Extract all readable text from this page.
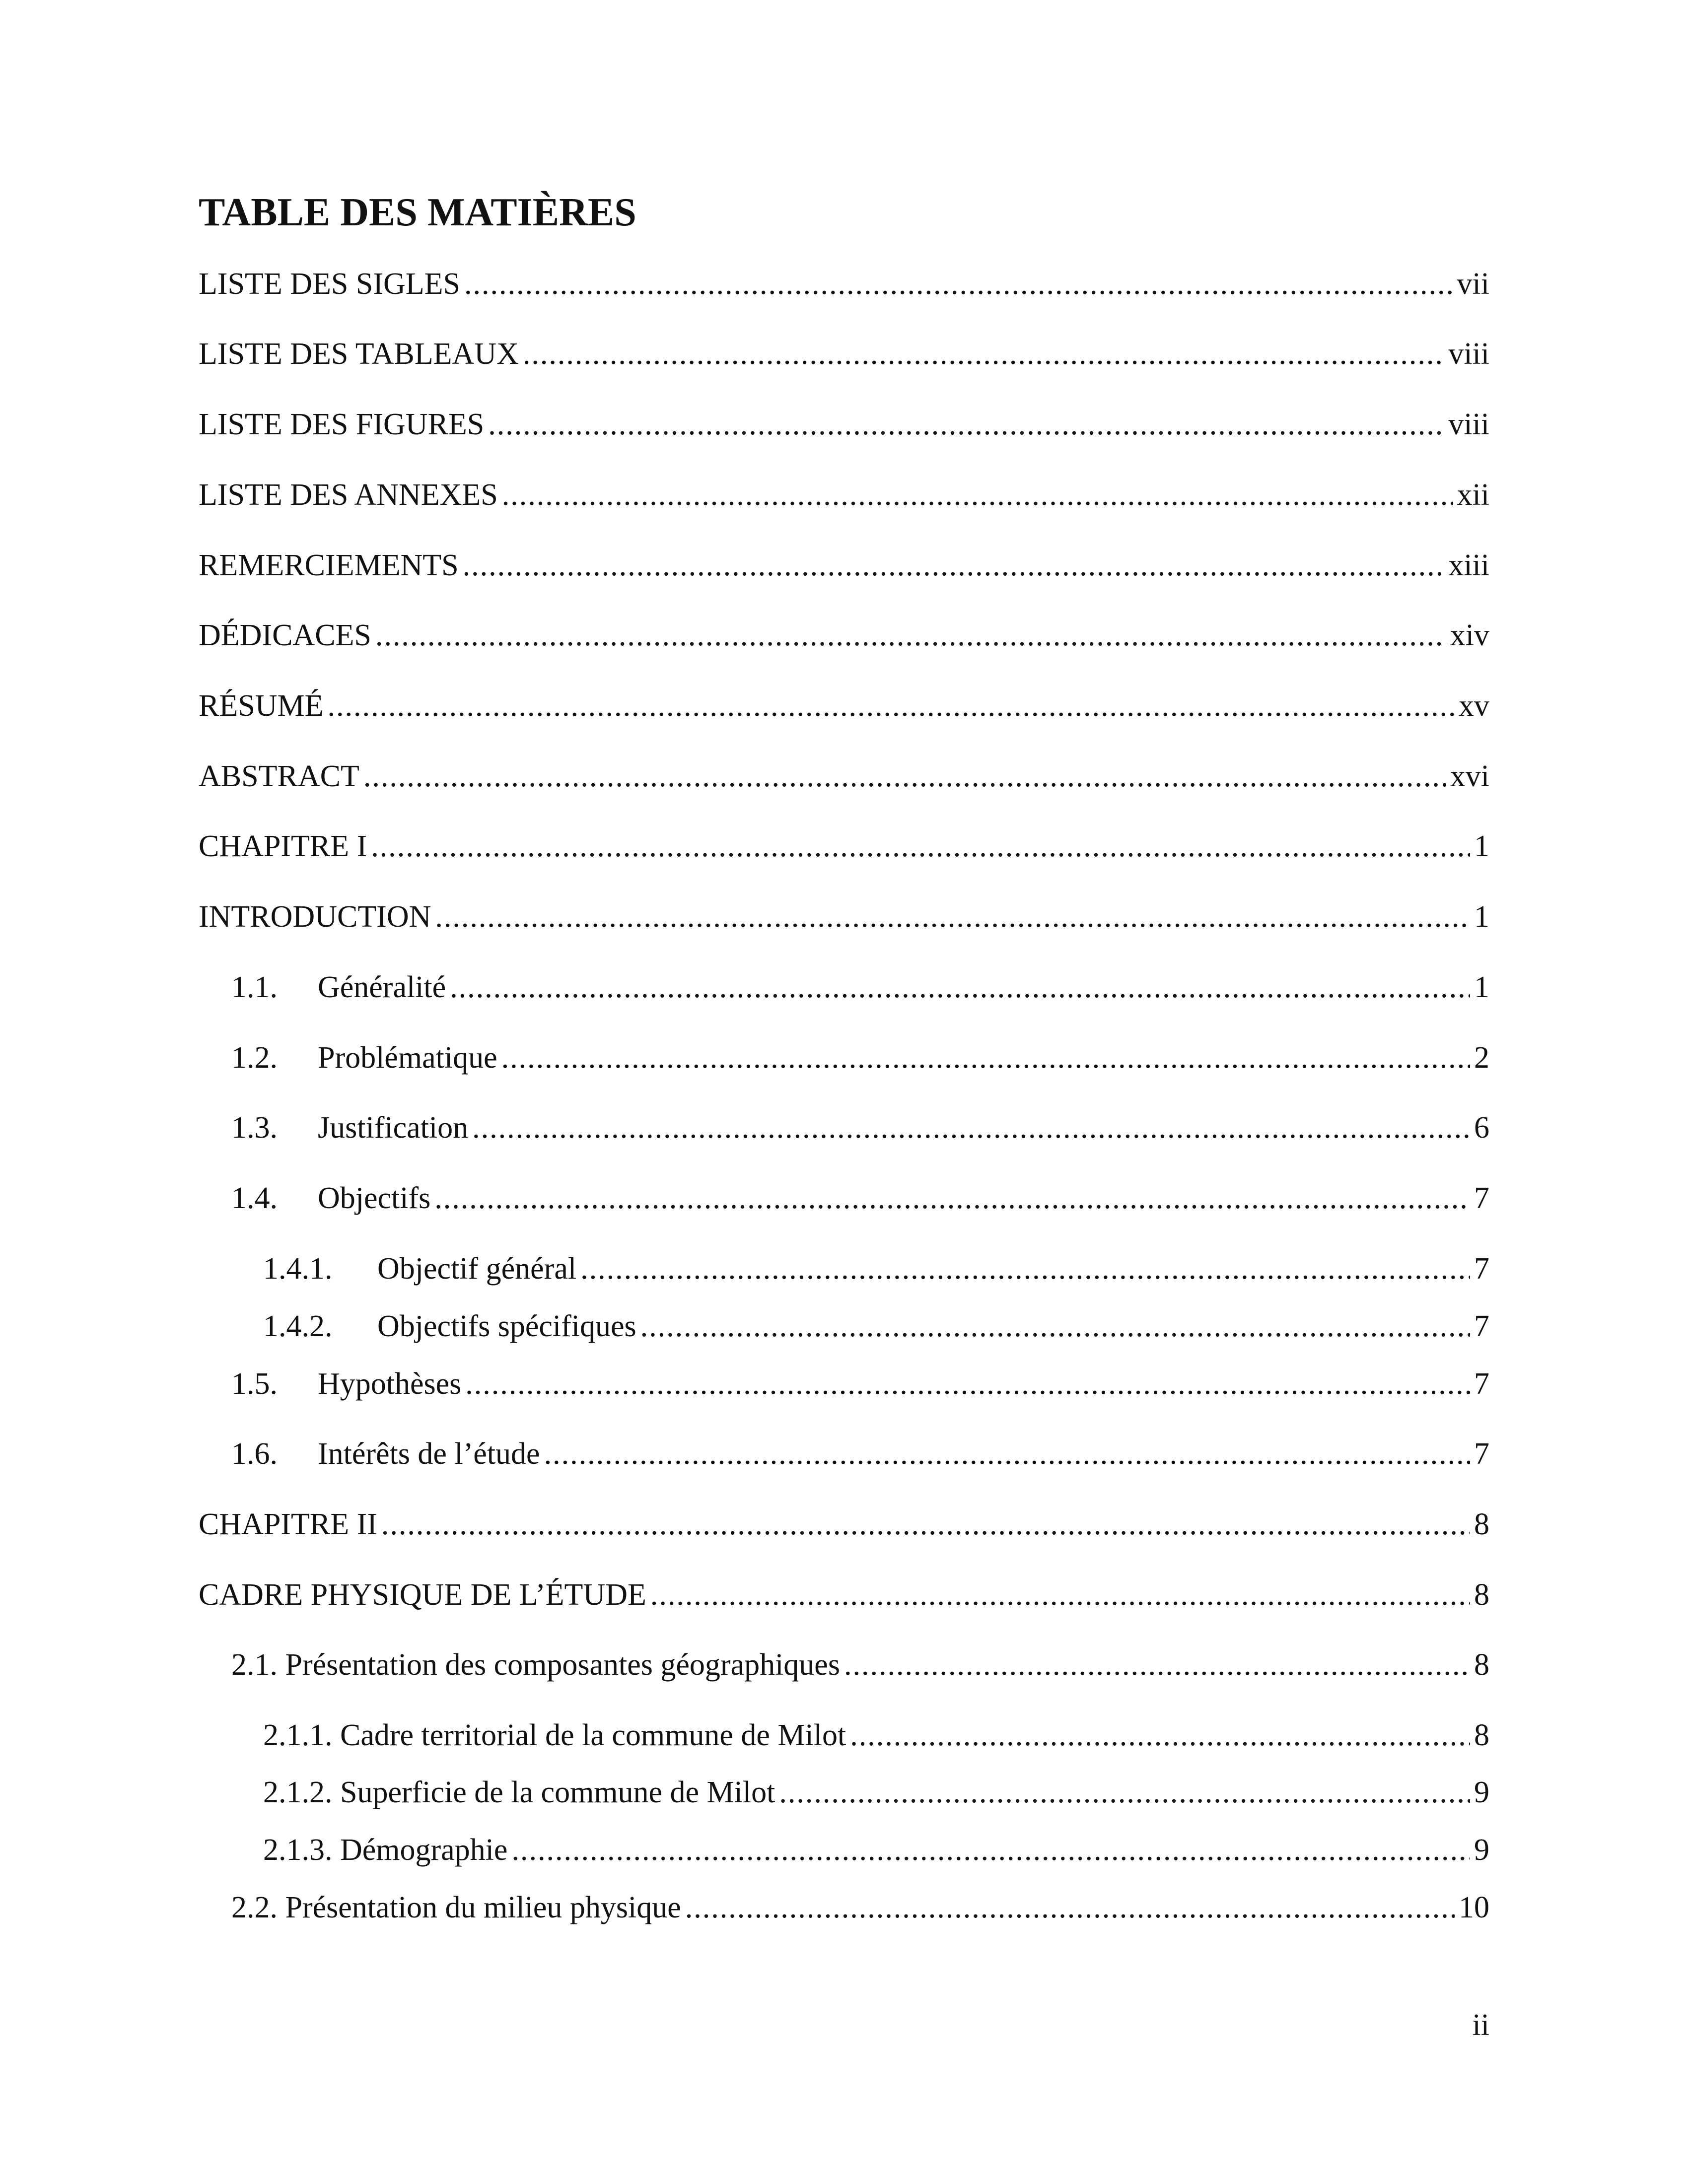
TABLE DES MATIÈRES
LISTE DES SIGLES .....	vii
LISTE DES TABLEAUX .....	viii
LISTE DES FIGURES .....	viii
LISTE DES ANNEXES .....	xii
REMERCIEMENTS .....	xiii
DÉDICACES .....	xiv
RÉSUMÉ .....	xv
ABSTRACT .....	xvi
CHAPITRE I .....	1
INTRODUCTION .....	1
1.1.	Généralité .....	1
1.2.	Problématique .....	2
1.3.	Justification .....	6
1.4.	Objectifs .....	7
1.4.1.	Objectif général .....	7
1.4.2.	Objectifs spécifiques .....	7
1.5.	Hypothèses .....	7
1.6.	Intérêts de l’étude .....	7
CHAPITRE II .....	8
CADRE PHYSIQUE DE L’ÉTUDE .....	8
2.1. Présentation des composantes géographiques .....	8
2.1.1. Cadre territorial de la commune de Milot .....	8
2.1.2. Superficie de la commune de Milot .....	9
2.1.3. Démographie .....	9
2.2. Présentation du milieu physique .....	10
ii
